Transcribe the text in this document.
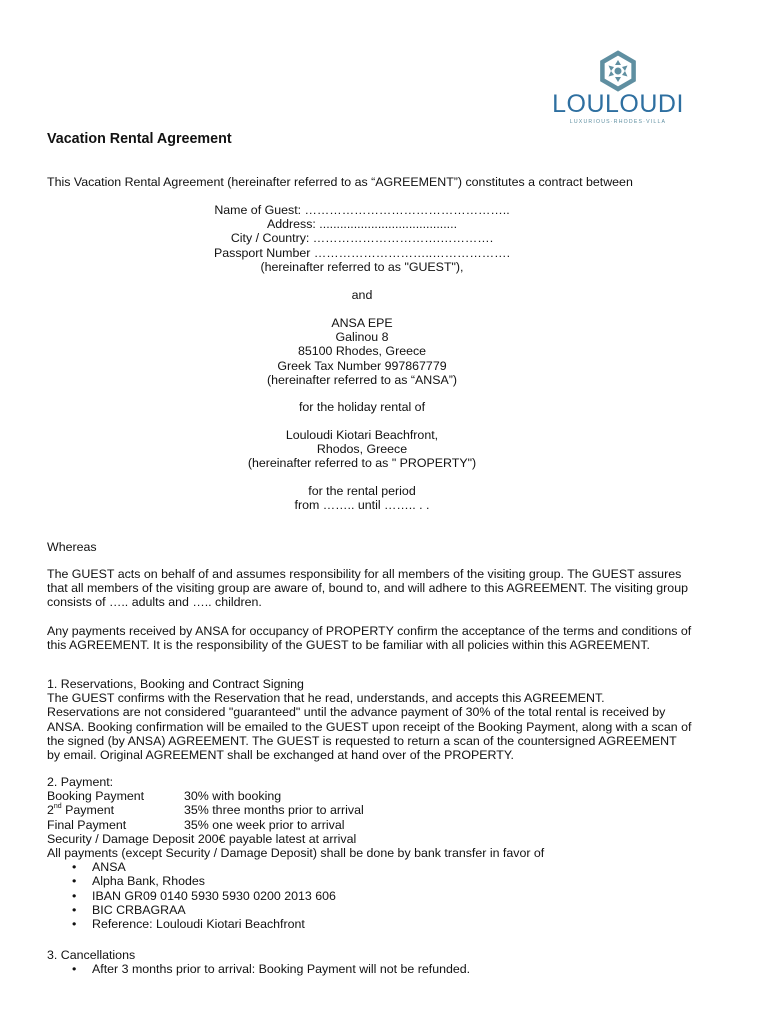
LOULOUDI
LUXURIOUS·RHODES·VILLA
Vacation Rental Agreement
This Vacation Rental Agreement (hereinafter referred to as “AGREEMENT”) constitutes a contract between
Name of Guest: …………………………………………..
Address: ........................................
City / Country: ………………………….………….
Passport Number ………………………..……………….
(hereinafter referred to as "GUEST"),
and
ANSA EPE
Galinou 8
85100 Rhodes, Greece
Greek Tax Number 997867779
(hereinafter referred to as “ANSA”)
for the holiday rental of
Louloudi Kiotari Beachfront,
Rhodos, Greece
(hereinafter referred to as " PROPERTY")
for the rental period
from …….. until …….. . .
Whereas
The GUEST acts on behalf of and assumes responsibility for all members of the visiting group. The GUEST assures
that all members of the visiting group are aware of, bound to, and will adhere to this AGREEMENT. The visiting group
consists of ….. adults and ….. children.
Any payments received by ANSA for occupancy of PROPERTY confirm the acceptance of the terms and conditions of
this AGREEMENT. It is the responsibility of the GUEST to be familiar with all policies within this AGREEMENT.
1. Reservations, Booking and Contract Signing
The GUEST confirms with the Reservation that he read, understands, and accepts this AGREEMENT.
Reservations are not considered "guaranteed" until the advance payment of 30% of the total rental is received by
ANSA. Booking confirmation will be emailed to the GUEST upon receipt of the Booking Payment, along with a scan of
the signed (by ANSA) AGREEMENT. The GUEST is requested to return a scan of the countersigned AGREEMENT
by email. Original AGREEMENT shall be exchanged at hand over of the PROPERTY.
2. Payment:
Booking Payment	30% with booking
2nd Payment	35% three months prior to arrival
Final Payment	35% one week prior to arrival
Security / Damage Deposit 200€ payable latest at arrival
All payments (except Security / Damage Deposit) shall be done by bank transfer in favor of
• ANSA
• Alpha Bank, Rhodes
• IBAN GR09 0140 5930 5930 0200 2013 606
• BIC CRBAGRAA
• Reference: Louloudi Kiotari Beachfront
3. Cancellations
• After 3 months prior to arrival: Booking Payment will not be refunded.
